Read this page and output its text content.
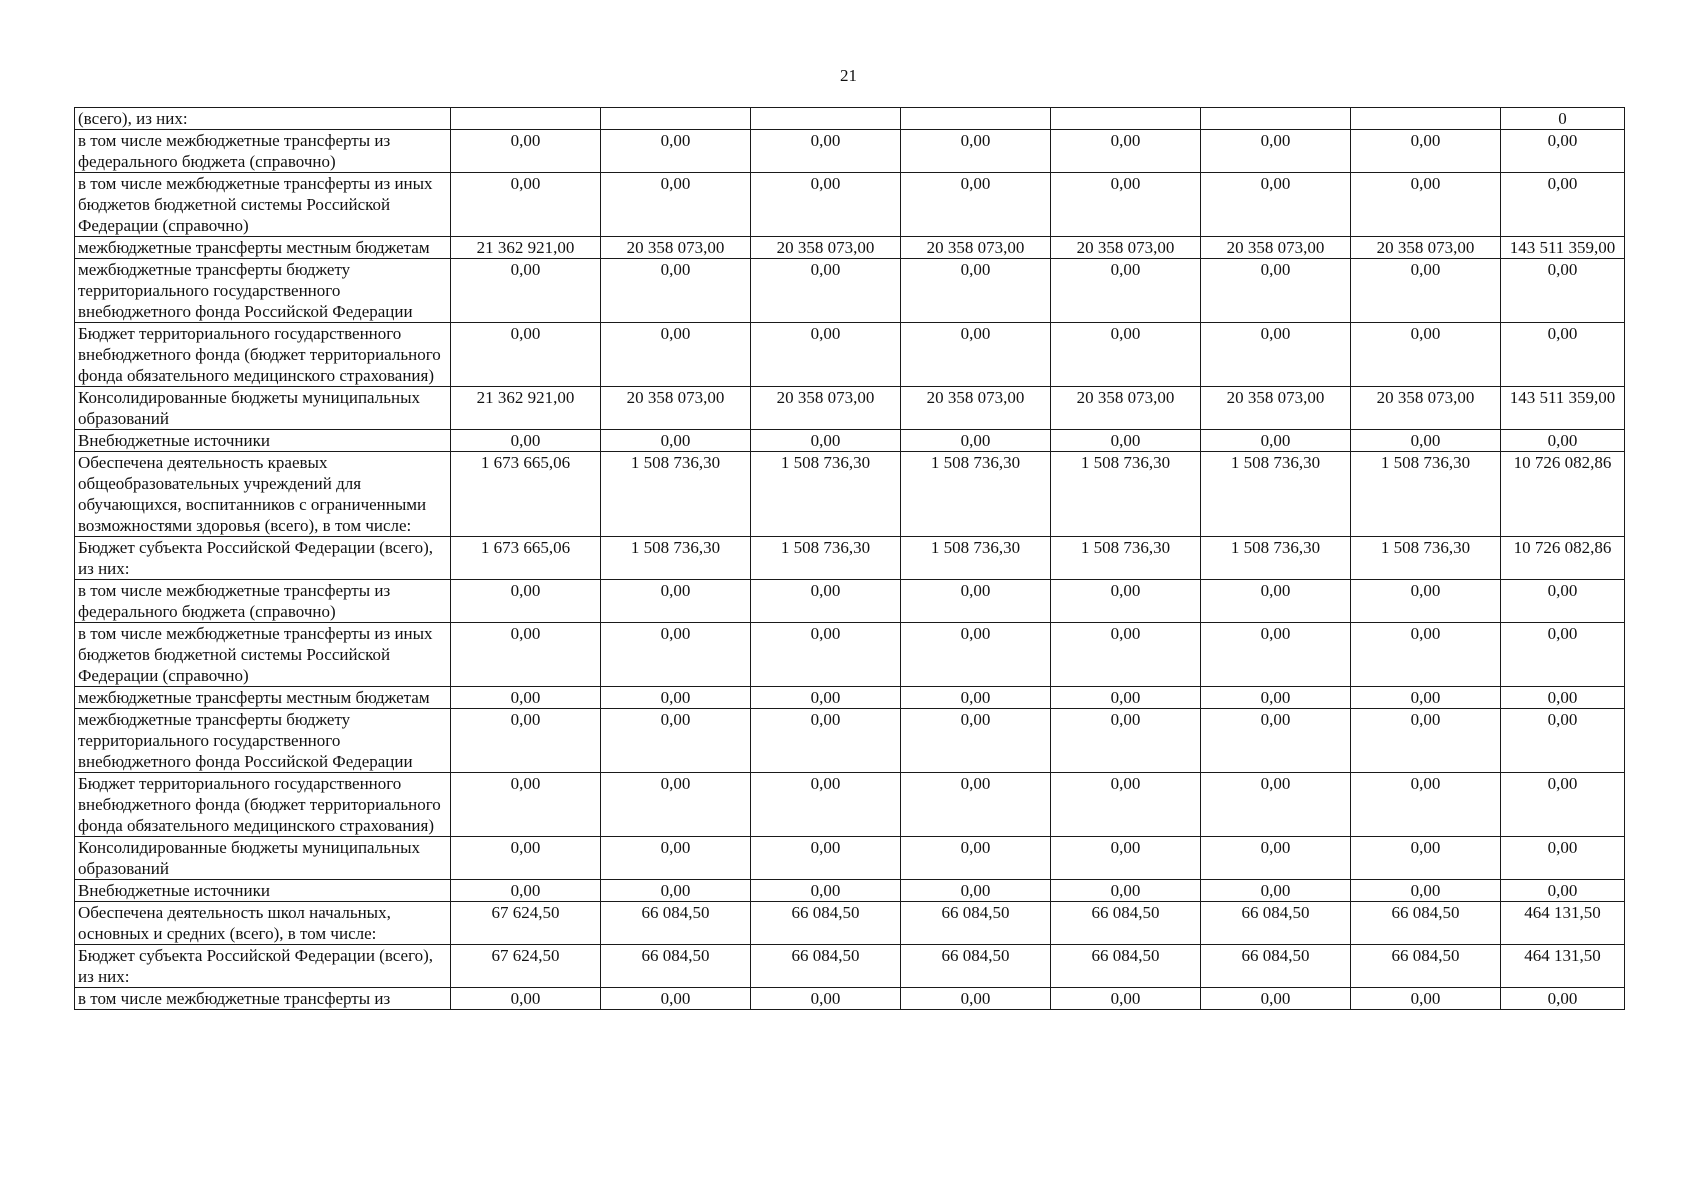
21
(всего), из них:								0
в том числе межбюджетные трансферты из федерального бюджета (справочно)	0,00	0,00	0,00	0,00	0,00	0,00	0,00	0,00
в том числе межбюджетные трансферты из иных бюджетов бюджетной системы Российской Федерации (справочно)	0,00	0,00	0,00	0,00	0,00	0,00	0,00	0,00
межбюджетные трансферты местным бюджетам	21 362 921,00	20 358 073,00	20 358 073,00	20 358 073,00	20 358 073,00	20 358 073,00	20 358 073,00	143 511 359,00
межбюджетные трансферты бюджету территориального государственного внебюджетного фонда Российской Федерации	0,00	0,00	0,00	0,00	0,00	0,00	0,00	0,00
Бюджет территориального государственного внебюджетного фонда (бюджет территориального фонда обязательного медицинского страхования)	0,00	0,00	0,00	0,00	0,00	0,00	0,00	0,00
Консолидированные бюджеты муниципальных образований	21 362 921,00	20 358 073,00	20 358 073,00	20 358 073,00	20 358 073,00	20 358 073,00	20 358 073,00	143 511 359,00
Внебюджетные источники	0,00	0,00	0,00	0,00	0,00	0,00	0,00	0,00
Обеспечена деятельность краевых общеобразовательных учреждений для обучающихся, воспитанников с ограниченными возможностями здоровья (всего), в том числе:	1 673 665,06	1 508 736,30	1 508 736,30	1 508 736,30	1 508 736,30	1 508 736,30	1 508 736,30	10 726 082,86
Бюджет субъекта Российской Федерации (всего), из них:	1 673 665,06	1 508 736,30	1 508 736,30	1 508 736,30	1 508 736,30	1 508 736,30	1 508 736,30	10 726 082,86
в том числе межбюджетные трансферты из федерального бюджета (справочно)	0,00	0,00	0,00	0,00	0,00	0,00	0,00	0,00
в том числе межбюджетные трансферты из иных бюджетов бюджетной системы Российской Федерации (справочно)	0,00	0,00	0,00	0,00	0,00	0,00	0,00	0,00
межбюджетные трансферты местным бюджетам	0,00	0,00	0,00	0,00	0,00	0,00	0,00	0,00
межбюджетные трансферты бюджету территориального государственного внебюджетного фонда Российской Федерации	0,00	0,00	0,00	0,00	0,00	0,00	0,00	0,00
Бюджет территориального государственного внебюджетного фонда (бюджет территориального фонда обязательного медицинского страхования)	0,00	0,00	0,00	0,00	0,00	0,00	0,00	0,00
Консолидированные бюджеты муниципальных образований	0,00	0,00	0,00	0,00	0,00	0,00	0,00	0,00
Внебюджетные источники	0,00	0,00	0,00	0,00	0,00	0,00	0,00	0,00
Обеспечена деятельность школ начальных, основных и средних (всего), в том числе:	67 624,50	66 084,50	66 084,50	66 084,50	66 084,50	66 084,50	66 084,50	464 131,50
Бюджет субъекта Российской Федерации (всего), из них:	67 624,50	66 084,50	66 084,50	66 084,50	66 084,50	66 084,50	66 084,50	464 131,50
в том числе межбюджетные трансферты из	0,00	0,00	0,00	0,00	0,00	0,00	0,00	0,00
